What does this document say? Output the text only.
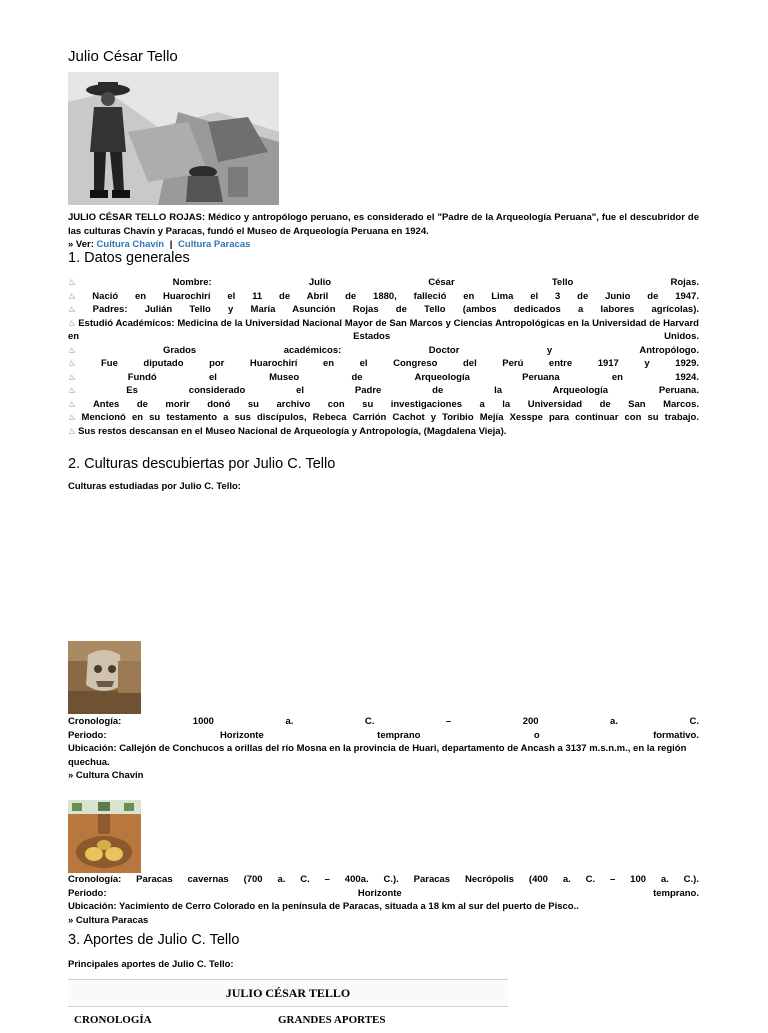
Julio César Tello
JULIO CÉSAR TELLO ROJAS: Médico y antropólogo peruano, es considerado el "Padre de la Arqueología Peruana", fue el descubridor de las culturas Chavín y Paracas, fundó el Museo de Arqueología Peruana en 1924.
» Ver: Cultura Chavín | Cultura Paracas
1. Datos generales
♨ Nombre: Julio César Tello Rojas.
♨ Nació en Huarochirí el 11 de Abril de 1880, falleció en Lima el 3 de Junio de 1947.
♨ Padres: Julián Tello y María Asunción Rojas de Tello (ambos dedicados a labores agrícolas).
♨ Estudió Académicos: Medicina de la Universidad Nacional Mayor de San Marcos y Ciencias Antropológicas en la Universidad de Harvard en Estados Unidos.
♨ Grados académicos: Doctor y Antropólogo.
♨ Fue diputado por Huarochirí en el Congreso del Perú entre 1917 y 1929.
♨ Fundó el Museo de Arqueología Peruana en 1924.
♨ Es considerado el Padre de la Arqueología Peruana.
♨ Antes de morir donó su archivo con su investigaciones a la Universidad de San Marcos.
♨ Mencionó en su testamento a sus discípulos, Rebeca Carrión Cachot y Toribio Mejía Xesspe para continuar con su trabajo.
♨ Sus restos descansan en el Museo Nacional de Arqueología y Antropología, (Magdalena Vieja).
2. Culturas descubiertas por Julio C. Tello
Culturas estudiadas por Julio C. Tello:
Cronología: 1000 a. C. – 200 a. C.
Periodo: Horizonte temprano o formativo.
Ubicación: Callejón de Conchucos a orillas del río Mosna en la provincia de Huari, departamento de Ancash a 3137 m.s.n.m., en la región quechua.
» Cultura Chavín
Cronología: Paracas cavernas (700 a. C. – 400a. C.). Paracas Necrópolis (400 a. C. – 100 a. C.).
Periodo: Horizonte temprano.
Ubicación: Yacimiento de Cerro Colorado en la península de Paracas, situada a 18 km al sur del puerto de Pisco..
» Cultura Paracas
3. Aportes de Julio C. Tello
Principales aportes de Julio C. Tello:
JULIO CÉSAR TELLO
CRONOLOGÍA	GRANDES APORTES
